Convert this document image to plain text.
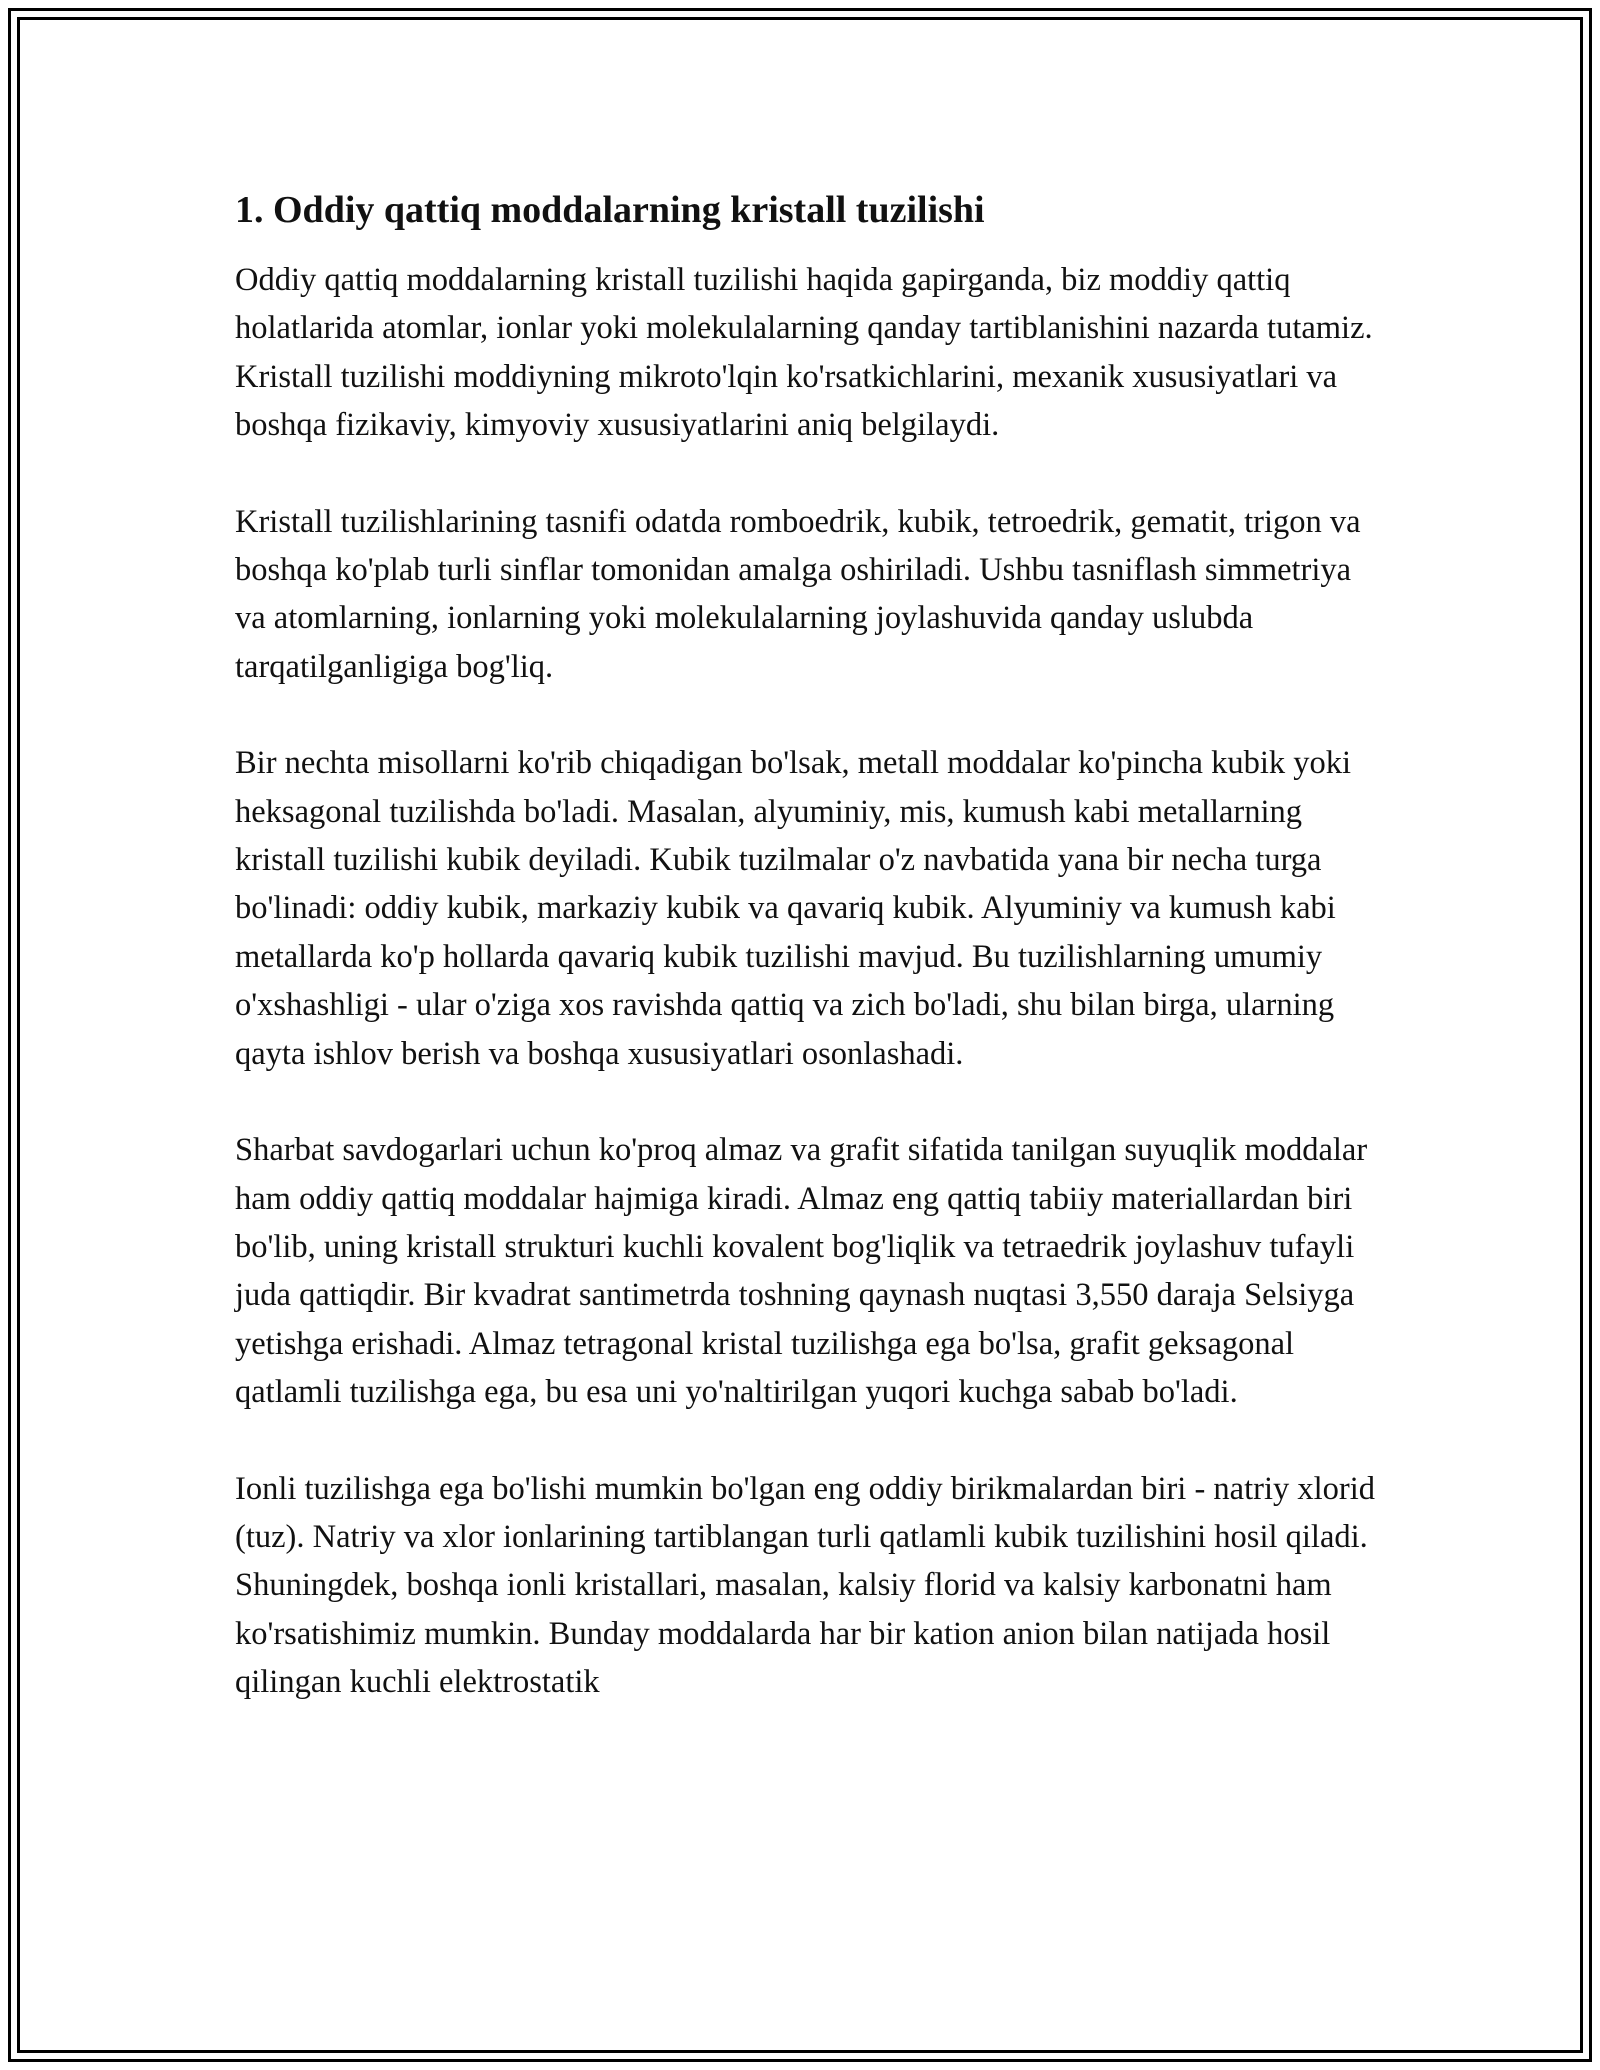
1. Oddiy qattiq moddalarning kristall tuzilishi

Oddiy qattiq moddalarning kristall tuzilishi haqida gapirganda, biz moddiy qattiq holatlarida atomlar, ionlar yoki molekulalarning qanday tartiblanishini nazarda tutamiz. Kristall tuzilishi moddiyning mikroto'lqin ko'rsatkichlarini, mexanik xususiyatlari va boshqa fizikaviy, kimyoviy xususiyatlarini aniq belgilaydi.

Kristall tuzilishlarining tasnifi odatda romboedrik, kubik, tetroedrik, gematit, trigon va boshqa ko'plab turli sinflar tomonidan amalga oshiriladi. Ushbu tasniflash simmetriya va atomlarning, ionlarning yoki molekulalarning joylashuvida qanday uslubda tarqatilganligiga bog'liq.

Bir nechta misollarni ko'rib chiqadigan bo'lsak, metall moddalar ko'pincha kubik yoki heksagonal tuzilishda bo'ladi. Masalan, alyuminiy, mis, kumush kabi metallarning kristall tuzilishi kubik deyiladi. Kubik tuzilmalar o'z navbatida yana bir necha turga bo'linadi: oddiy kubik, markaziy kubik va qavariq kubik. Alyuminiy va kumush kabi metallarda ko'p hollarda qavariq kubik tuzilishi mavjud. Bu tuzilishlarning umumiy o'xshashligi - ular o'ziga xos ravishda qattiq va zich bo'ladi, shu bilan birga, ularning qayta ishlov berish va boshqa xususiyatlari osonlashadi.

Sharbat savdogarlari uchun ko'proq almaz va grafit sifatida tanilgan suyuqlik moddalar ham oddiy qattiq moddalar hajmiga kiradi. Almaz eng qattiq tabiiy materiallardan biri bo'lib, uning kristall strukturi kuchli kovalent bog'liqlik va tetraedrik joylashuv tufayli juda qattiqdir. Bir kvadrat santimetrda toshning qaynash nuqtasi 3,550 daraja Selsiyga yetishga erishadi. Almaz tetragonal kristal tuzilishga ega bo'lsa, grafit geksagonal qatlamli tuzilishga ega, bu esa uni yo'naltirilgan yuqori kuchga sabab bo'ladi.

Ionli tuzilishga ega bo'lishi mumkin bo'lgan eng oddiy birikmalardan biri - natriy xlorid (tuz). Natriy va xlor ionlarining tartiblangan turli qatlamli kubik tuzilishini hosil qiladi. Shuningdek, boshqa ionli kristallari, masalan, kalsiy florid va kalsiy karbonatni ham ko'rsatishimiz mumkin. Bunday moddalarda har bir kation anion bilan natijada hosil qilingan kuchli elektrostatik
